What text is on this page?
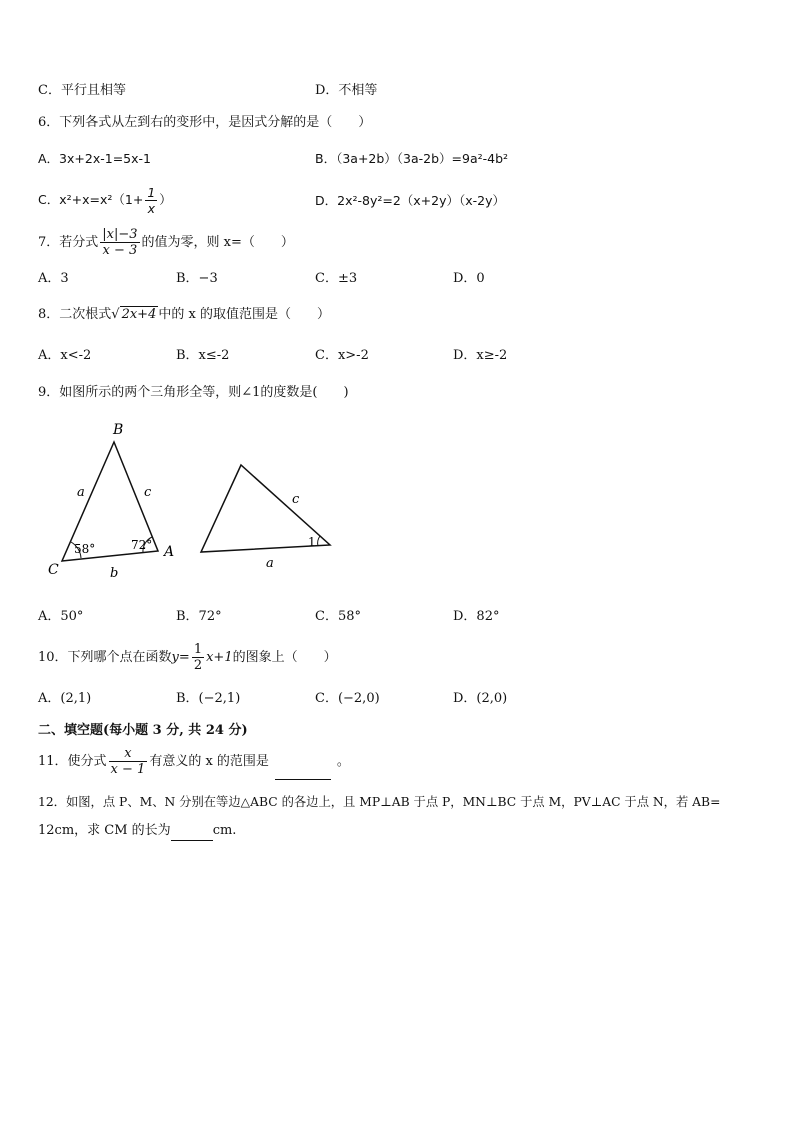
C．平行且相等	D．不相等
6．下列各式从左到右的变形中，是因式分解的是（　　）
A．3x+2x-1=5x-1	B．（3a+2b）（3a-2b）=9a²-4b²
C．$x^2+x=x^2(1+ \frac{1}{x}$ ）	D．2x²-8y²=2（x+2y）（x-2y）
7．若分式 $\frac{|x|-3}{x - 3}$ 的值为零，则 x=（　　）
A．3	B．−3	C．±3	D．0
8．二次根式√ 2x+4 中的 x 的取值范围是（　　）
A．x<-2	B．x≤-2	C．x>-2	D．x≥-2
9．如图所示的两个三角形全等，则∠1的度数是(　　)
B
C
A
a	c
b
58°	72°
c
a
1
A．50°	B．72°	C．58°	D．82°
10．下列哪个点在函数$y= \frac{1}{2} x+1$的图象上（　　）
A．(2,1)	B．(−2,1)	C．(−2,0)	D．(2,0)
二、填空题(每小题 3 分, 共 24 分)
11．使分式 $\frac{x}{x - 1}$ 有意义的 x 的范围是	。
12．如图，点 P、M、N 分别在等边△ABC 的各边上，且 MP⊥AB 于点 P，MN⊥BC 于点 M，PV⊥AC 于点 N，若 AB=
12cm，求 CM 的长为	cm.
